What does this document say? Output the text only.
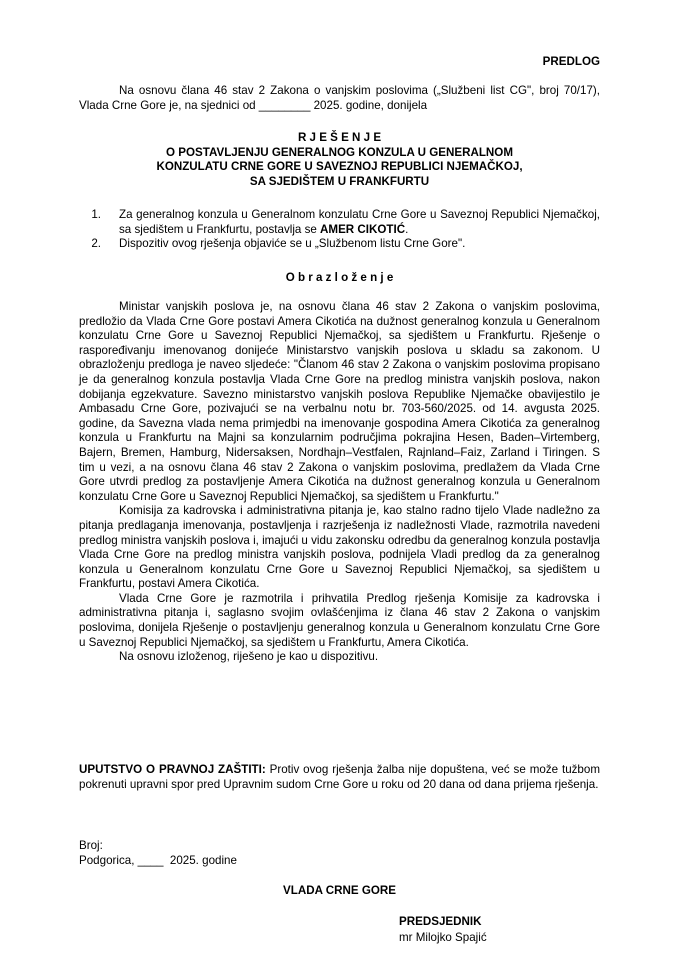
PREDLOG
Na osnovu člana 46 stav 2 Zakona o vanjskim poslovima („Službeni list CG", broj 70/17), Vlada Crne Gore je, na sjednici od ________ 2025. godine, donijela
R J E Š E N J E
O POSTAVLJENJU GENERALNOG KONZULA U GENERALNOM
KONZULATU CRNE GORE U SAVEZNOJ REPUBLICI NJEMAČKOJ,
SA SJEDIŠTEM U FRANKFURTU
1.	Za generalnog konzula u Generalnom konzulatu Crne Gore u Saveznoj Republici Njemačkoj, sa sjedištem u Frankfurtu, postavlja se AMER CIKOTIĆ.
2.	Dispozitiv ovog rješenja objaviće se u „Službenom listu Crne Gore".
O b r a z l o ž e n j e
Ministar vanjskih poslova je, na osnovu člana 46 stav 2 Zakona o vanjskim poslovima, predložio da Vlada Crne Gore postavi Amera Cikotića na dužnost generalnog konzula u Generalnom konzulatu Crne Gore u Saveznoj Republici Njemačkoj, sa sjedištem u Frankfurtu. Rješenje o raspoređivanju imenovanog donijeće Ministarstvo vanjskih poslova u skladu sa zakonom. U obrazloženju predloga je naveo sljedeće: "Članom 46 stav 2 Zakona o vanjskim poslovima propisano je da generalnog konzula postavlja Vlada Crne Gore na predlog ministra vanjskih poslova, nakon dobijanja egzekvature. Savezno ministarstvo vanjskih poslova Republike Njemačke obavijestilo je Ambasadu Crne Gore, pozivajući se na verbalnu notu br. 703-560/2025. od 14. avgusta 2025. godine, da Savezna vlada nema primjedbi na imenovanje gospodina Amera Cikotića za generalnog konzula u Frankfurtu na Majni sa konzularnim područjima pokrajina Hesen, Baden–Virtemberg, Bajern, Bremen, Hamburg, Nidersaksen, Nordhajn–Vestfalen, Rajnland–Faiz, Zarland i Tiringen. S tim u vezi, a na osnovu člana 46 stav 2 Zakona o vanjskim poslovima, predlažem da Vlada Crne Gore utvrdi predlog za postavljenje Amera Cikotića na dužnost generalnog konzula u Generalnom konzulatu Crne Gore u Saveznoj Republici Njemačkoj, sa sjedištem u Frankfurtu."
Komisija za kadrovska i administrativna pitanja je, kao stalno radno tijelo Vlade nadležno za pitanja predlaganja imenovanja, postavljenja i razrješenja iz nadležnosti Vlade, razmotrila navedeni predlog ministra vanjskih poslova i, imajući u vidu zakonsku odredbu da generalnog konzula postavlja Vlada Crne Gore na predlog ministra vanjskih poslova, podnijela Vladi predlog da za generalnog konzula u Generalnom konzulatu Crne Gore u Saveznoj Republici Njemačkoj, sa sjedištem u Frankfurtu, postavi Amera Cikotića.
Vlada Crne Gore je razmotrila i prihvatila Predlog rješenja Komisije za kadrovska i administrativna pitanja i, saglasno svojim ovlašćenjima iz člana 46 stav 2 Zakona o vanjskim poslovima, donijela Rješenje o postavljenju generalnog konzula u Generalnom konzulatu Crne Gore u Saveznoj Republici Njemačkoj, sa sjedištem u Frankfurtu, Amera Cikotića.
Na osnovu izloženog, riješeno je kao u dispozitivu.
UPUTSTVO O PRAVNOJ ZAŠTITI: Protiv ovog rješenja žalba nije dopuštena, već se može tužbom pokrenuti upravni spor pred Upravnim sudom Crne Gore u roku od 20 dana od dana prijema rješenja.
Broj:
Podgorica, ____  2025. godine
VLADA CRNE GORE
PREDSJEDNIK
mr Milojko Spajić
